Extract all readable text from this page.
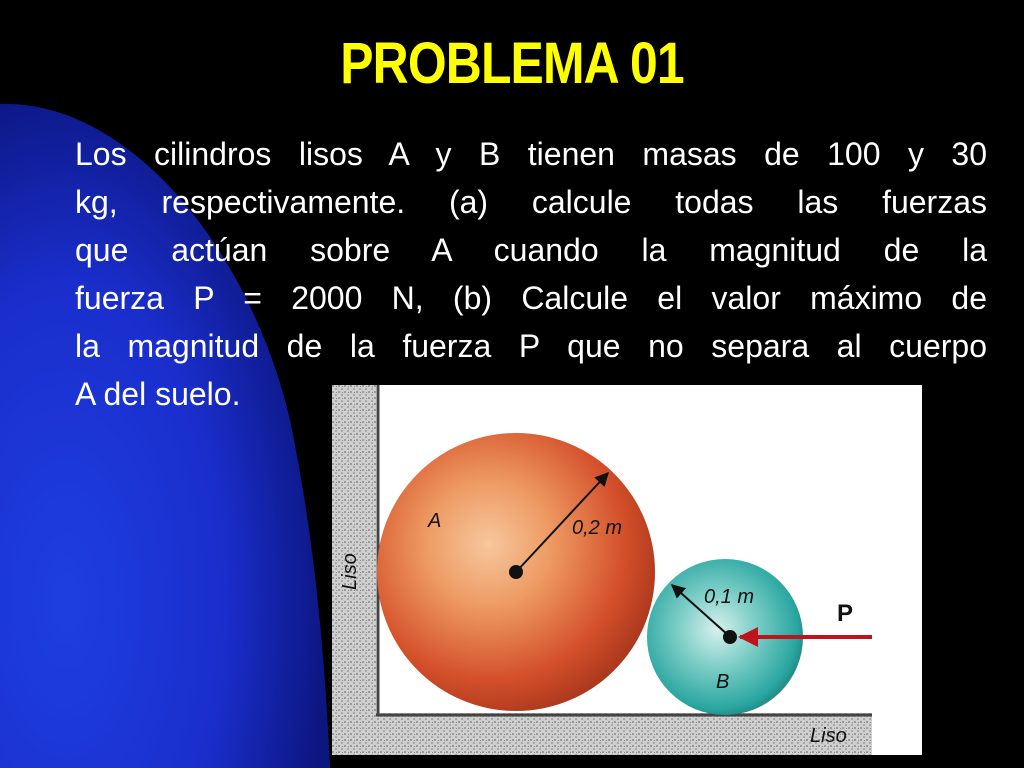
PROBLEMA 01
Los cilindros lisos A y B tienen masas de 100 y 30
kg, respectivamente. (a) calcule todas las fuerzas
que actúan sobre A cuando la magnitud de la
fuerza P = 2000 N, (b) Calcule el valor máximo de
la magnitud de la fuerza P que no separa al cuerpo
A del suelo.
A	0,2 m
B
P
Liso
Liso
0,1 m
